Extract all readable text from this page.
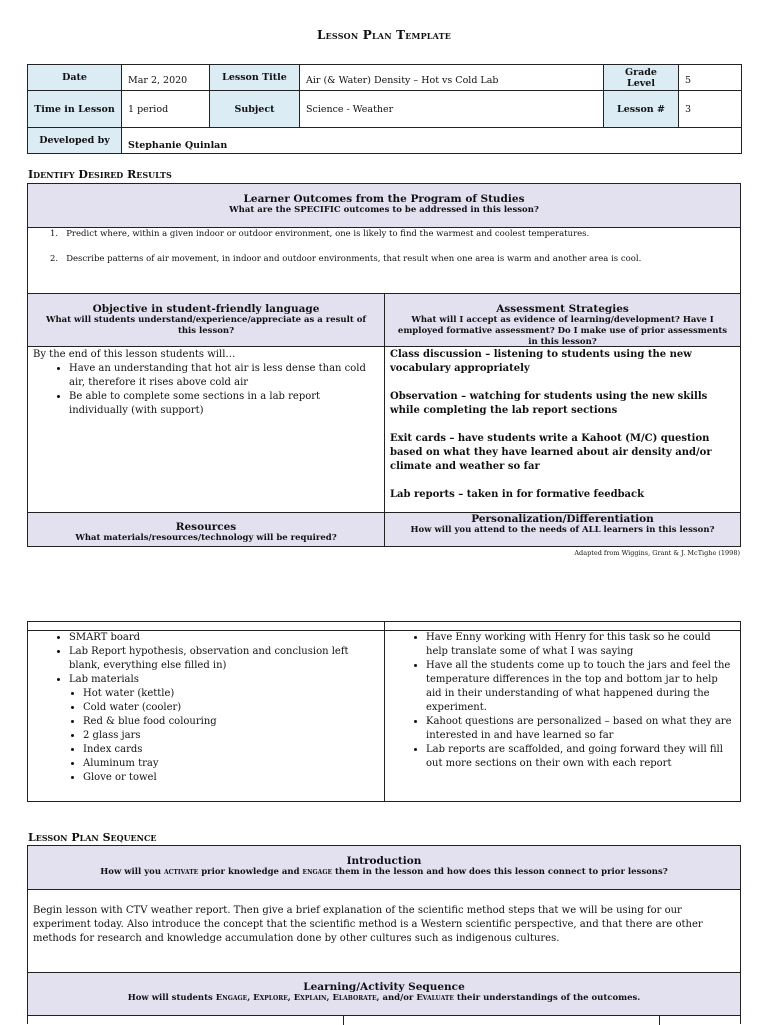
Lesson Plan Template
Date	Mar 2, 2020	Lesson Title	Air (& Water) Density – Hot vs Cold Lab	Grade Level	5
Time in Lesson	1 period	Subject	Science - Weather	Lesson #	3
Developed by	Stephanie Quinlan				
Identify Desired Results
Learner Outcomes from the Program of Studies
What are the SPECIFIC outcomes to be addressed in this lesson?
1.   Predict where, within a given indoor or outdoor environment, one is likely to find the warmest and coolest temperatures.
2.   Describe patterns of air movement, in indoor and outdoor environments, that result when one area is warm and another area is cool.
Objective in student-friendly language
What will students understand/experience/appreciate as a result of this lesson?
Assessment Strategies
What will I accept as evidence of learning/development? Have I employed formative assessment? Do I make use of prior assessments in this lesson?
By the end of this lesson students will…
• Have an understanding that hot air is less dense than cold air, therefore it rises above cold air
• Be able to complete some sections in a lab report individually (with support)

Class discussion – listening to students using the new vocabulary appropriately

Observation – watching for students using the new skills while completing the lab report sections

Exit cards – have students write a Kahoot (M/C) question based on what they have learned about air density and/or climate and weather so far

Lab reports – taken in for formative feedback

Resources
What materials/resources/technology will be required?
Personalization/Differentiation
How will you attend to the needs of ALL learners in this lesson?
Adapted from Wiggins, Grant & J. McTighe (1998)
• SMART board
• Lab Report hypothesis, observation and conclusion left blank, everything else filled in)
• Lab materials
• Hot water (kettle)
• Cold water (cooler)
• Red & blue food colouring
• 2 glass jars
• Index cards
• Aluminum tray
• Glove or towel
• Have Enny working with Henry for this task so he could help translate some of what I was saying
• Have all the students come up to touch the jars and feel the temperature differences in the top and bottom jar to help aid in their understanding of what happened during the experiment.
• Kahoot questions are personalized – based on what they are interested in and have learned so far
• Lab reports are scaffolded, and going forward they will fill out more sections on their own with each report
Lesson Plan Sequence
Introduction
How will you activate prior knowledge and engage them in the lesson and how does this lesson connect to prior lessons?
Begin lesson with CTV weather report. Then give a brief explanation of the scientific method steps that we will be using for our experiment today. Also introduce the concept that the scientific method is a Western scientific perspective, and that there are other methods for research and knowledge accumulation done by other cultures such as indigenous cultures.
Learning/Activity Sequence
How will students Engage, Explore, Explain, Elaborate, and/or Evaluate their understandings of the outcomes.
